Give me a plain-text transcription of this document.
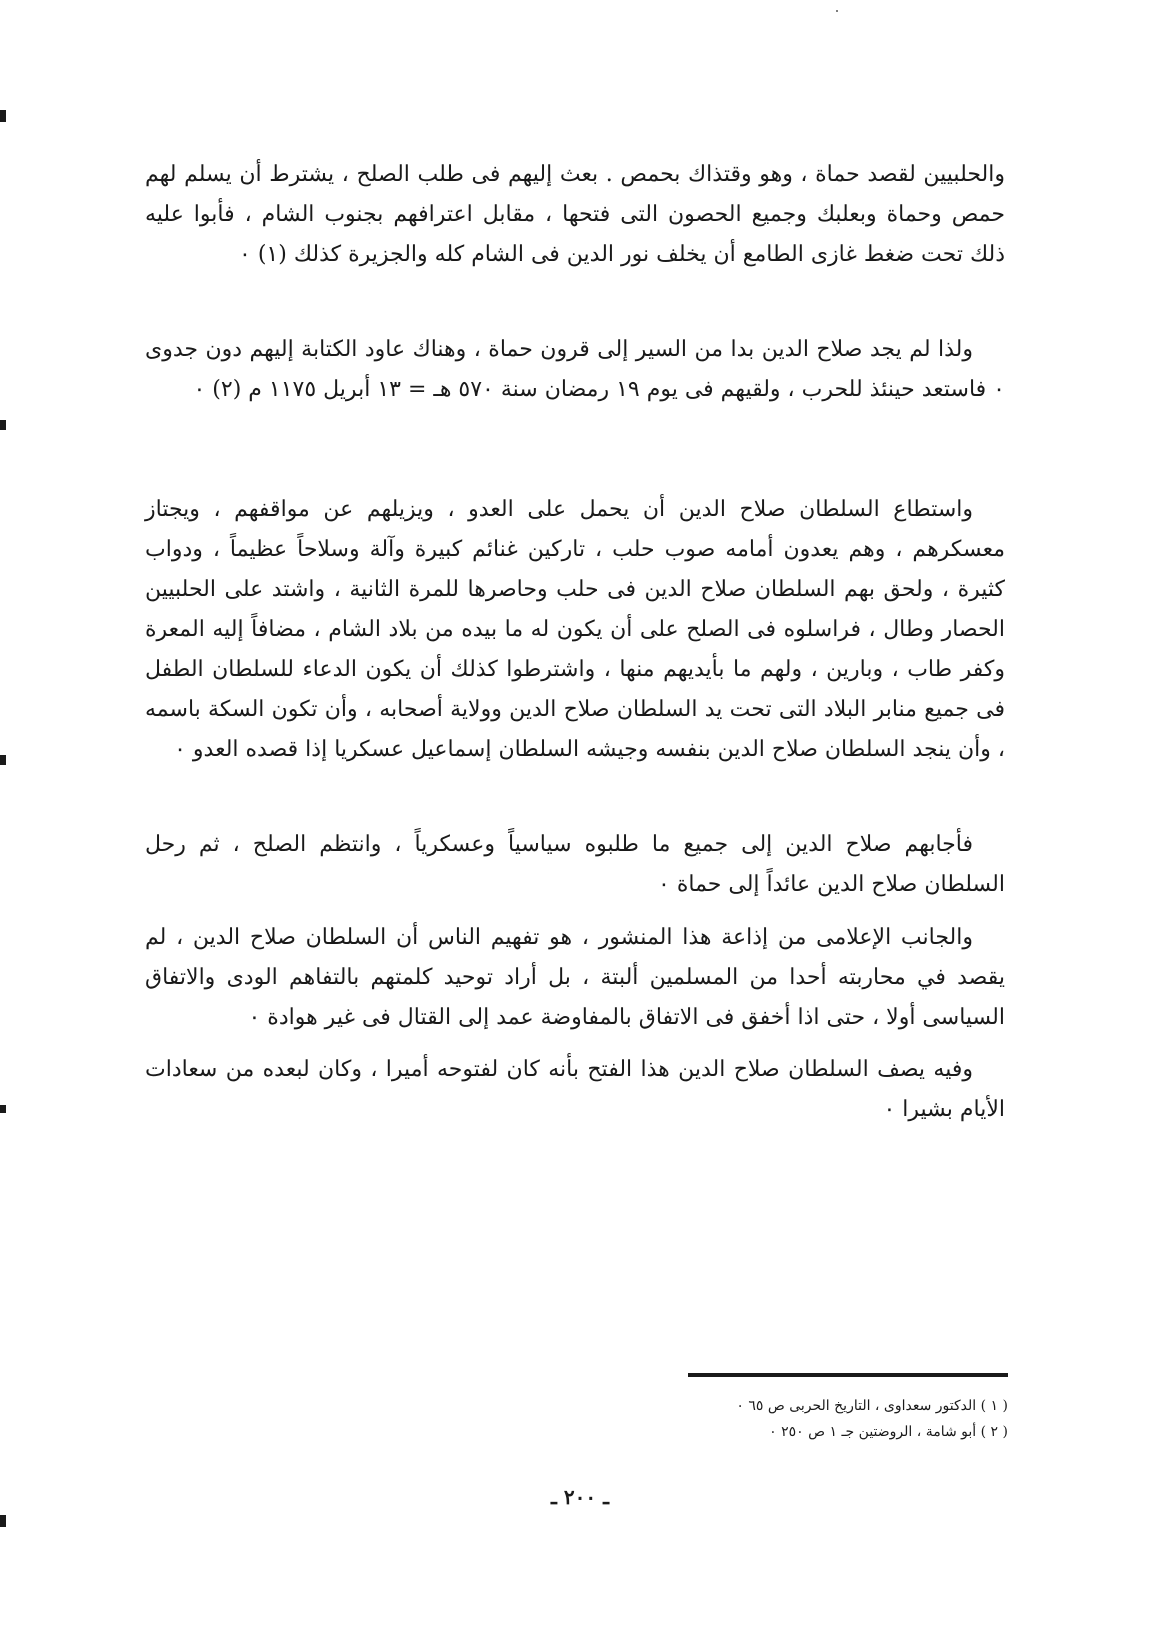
والحلبيين لقصد حماة ، وهو وقتذاك بحمص . بعث إليهم فى طلب الصلح ، يشترط أن يسلم لهم حمص وحماة وبعلبك وجميع الحصون التى فتحها ، مقابل اعترافهم بجنوب الشام ، فأبوا عليه ذلك تحت ضغط غازى الطامع أن يخلف نور الدين فى الشام كله والجزيرة كذلك (١) ٠

ولذا لم يجد صلاح الدين بدا من السير إلى قرون حماة ، وهناك عاود الكتابة إليهم دون جدوى ٠ فاستعد حينئذ للحرب ، ولقيهم فى يوم ١٩ رمضان سنة ٥٧٠ هـ = ١٣ أبريل ١١٧٥ م (٢) ٠

واستطاع السلطان صلاح الدين أن يحمل على العدو ، ويزيلهم عن مواقفهم ، ويجتاز معسكرهم ، وهم يعدون أمامه صوب حلب ، تاركين غنائم كبيرة وآلة وسلاحاً عظيماً ، ودواب كثيرة ، ولحق بهم السلطان صلاح الدين فى حلب وحاصرها للمرة الثانية ، واشتد على الحلبيين الحصار وطال ، فراسلوه فى الصلح على أن يكون له ما بيده من بلاد الشام ، مضافاً إليه المعرة وكفر طاب ، وبارين ، ولهم ما بأيديهم منها ، واشترطوا كذلك أن يكون الدعاء للسلطان الطفل فى جميع منابر البلاد التى تحت يد السلطان صلاح الدين وولاية أصحابه ، وأن تكون السكة باسمه ، وأن ينجد السلطان صلاح الدين بنفسه وجيشه السلطان إسماعيل عسكريا إذا قصده العدو ٠

فأجابهم صلاح الدين إلى جميع ما طلبوه سياسياً وعسكرياً ، وانتظم الصلح ، ثم رحل السلطان صلاح الدين عائداً إلى حماة ٠

والجانب الإعلامى من إذاعة هذا المنشور ، هو تفهيم الناس أن السلطان صلاح الدين ، لم يقصد في محاربته أحدا من المسلمين ألبتة ، بل أراد توحيد كلمتهم بالتفاهم الودى والاتفاق السياسى أولا ، حتى اذا أخفق فى الاتفاق بالمفاوضة عمد إلى القتال فى غير هوادة ٠

وفيه يصف السلطان صلاح الدين هذا الفتح بأنه كان لفتوحه أميرا ، وكان لبعده من سعادات الأيام بشيرا ٠

( ١ ) الدكتور سعداوى ، التاريخ الحربى ص ٦٥ ٠

( ٢ ) أبو شامة ، الروضتين جـ ١ ص ٢٥٠ ٠

ـ ٢٠٠ ـ
